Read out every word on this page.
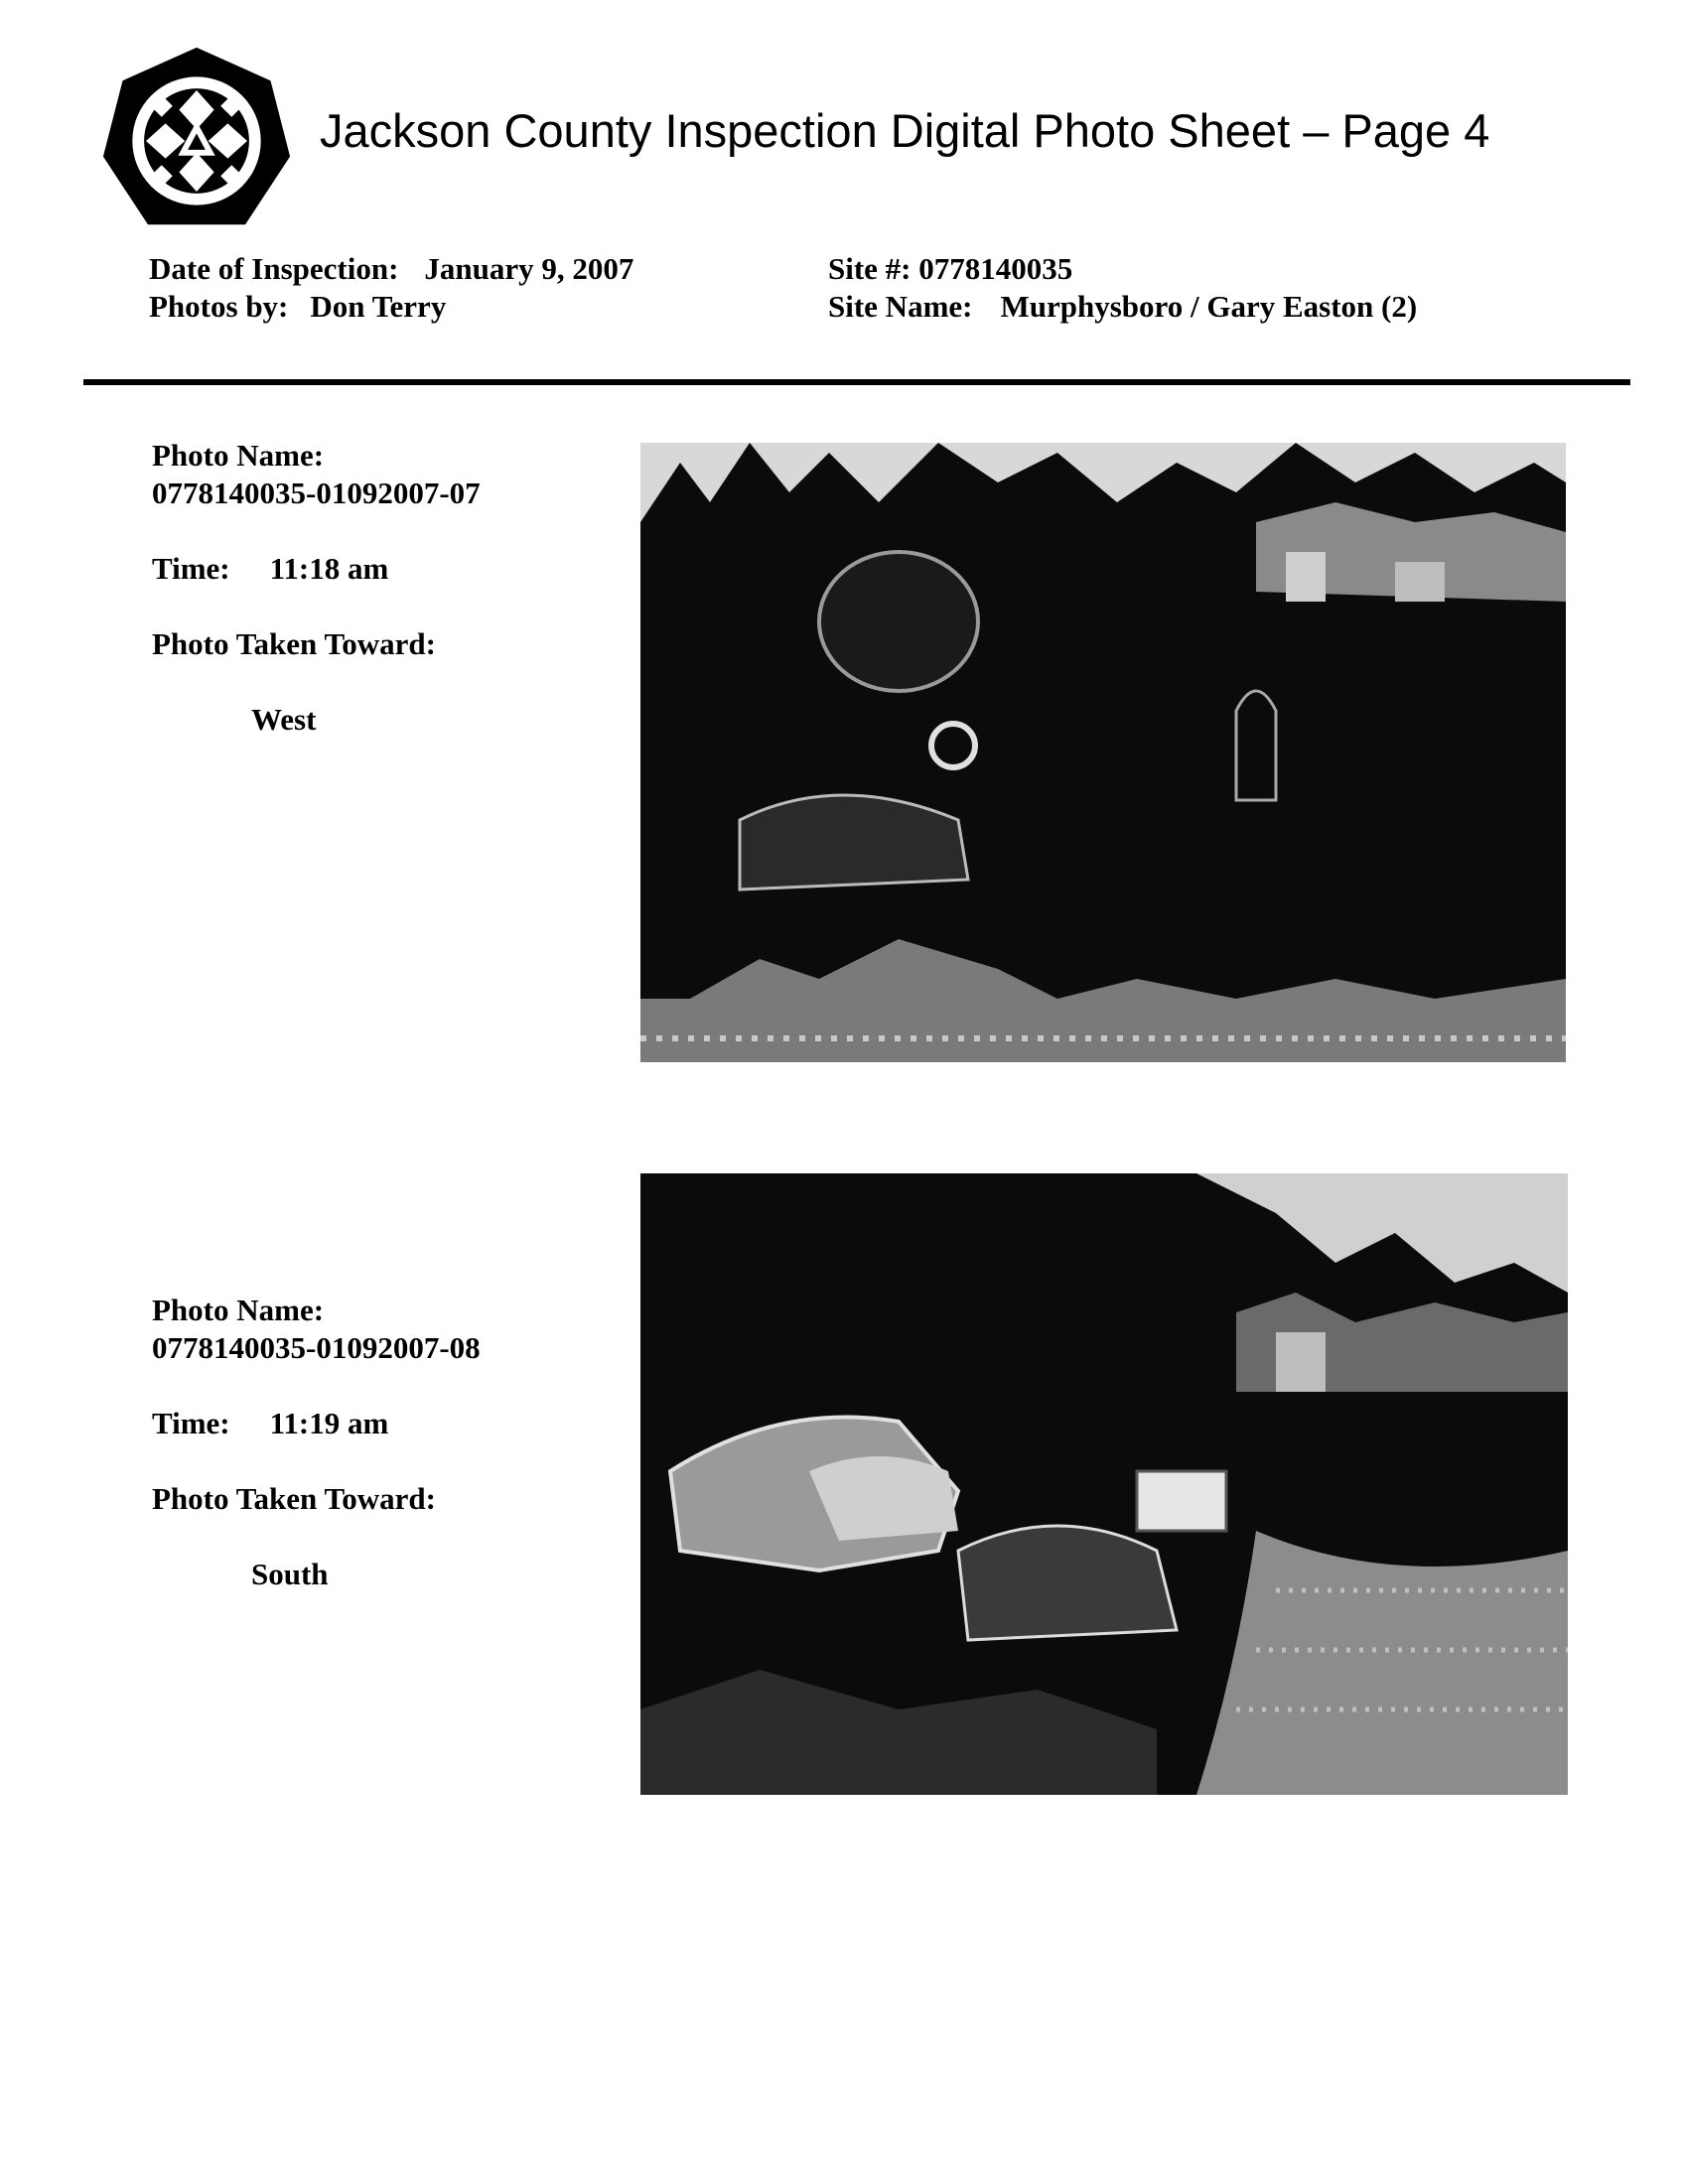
Jackson County Inspection Digital Photo Sheet – Page 4
Date of Inspection: January 9, 2007
Photos by: Don Terry
Site #: 0778140035
Site Name: Murphysboro / Gary Easton (2)
Photo Name:
0778140035-01092007-07
Time: 11:18 am
Photo Taken Toward:
West
Photo Name:
0778140035-01092007-08
Time: 11:19 am
Photo Taken Toward:
South
